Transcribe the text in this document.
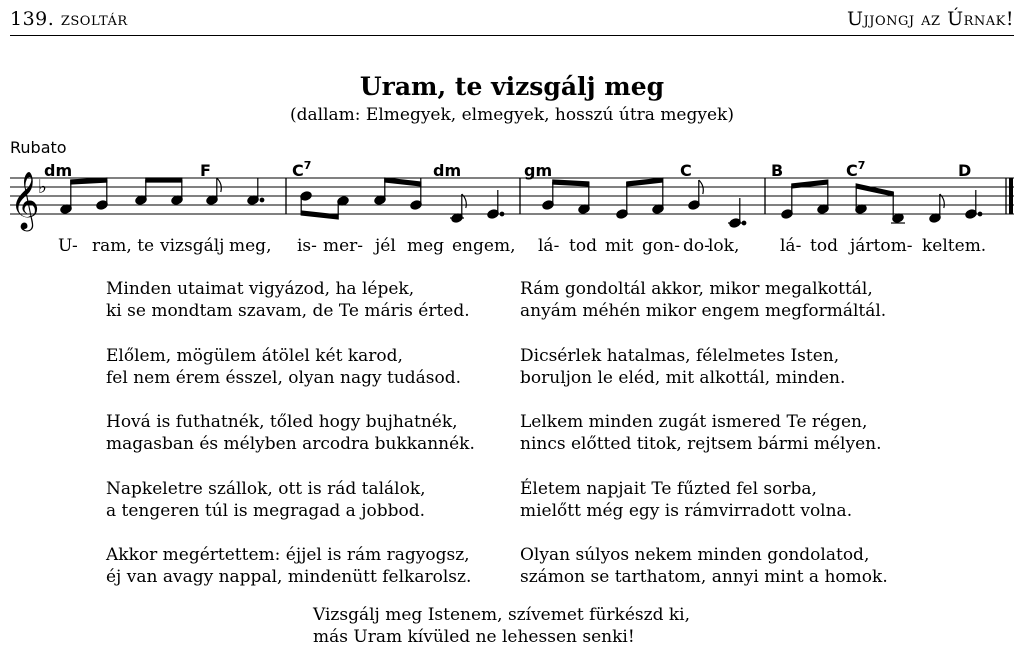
139. zsoltár	Ujjongj az Úrnak!
Uram, te vizsgálj meg
(dallam: Elmegyek, elmegyek, hosszú útra megyek)
Rubato
dm	F	$C^7$	dm	gm	C	B	$C^7$	D
𝄞
♭
U- ram, te vizsgálj meg, is- mer- jél meg engem, lá- tod mit gon- do-
lok, lá- tod jártom- keltem.
Minden utaimat vigyázod, ha lépek,
ki se mondtam szavam, de Te máris érted.
Rám gondoltál akkor, mikor megalkottál,
anyám méhén mikor engem megformáltál.
Előlem, mögülem átölel két karod,
fel nem érem ésszel, olyan nagy tudásod.
Dicsérlek hatalmas, félelmetes Isten,
boruljon le eléd, mit alkottál, minden.
Hová is futhatnék, tőled hogy bujhatnék,
magasban és mélyben arcodra bukkannék.
Lelkem minden zugát ismered Te régen,
nincs előtted titok, rejtsem bármi mélyen.
Napkeletre szállok, ott is rád találok,
a tengeren túl is megragad a jobbod.
Életem napjait Te fűzted fel sorba,
mielőtt még egy is rámvirradott volna.
Akkor megértettem: éjjel is rám ragyogsz,
éj van avagy nappal, mindenütt felkarolsz.
Olyan súlyos nekem minden gondolatod,
számon se tarthatom, annyi mint a homok.
Vizsgálj meg Istenem, szívemet fürkészd ki,
más Uram kívüled ne lehessen senki!
